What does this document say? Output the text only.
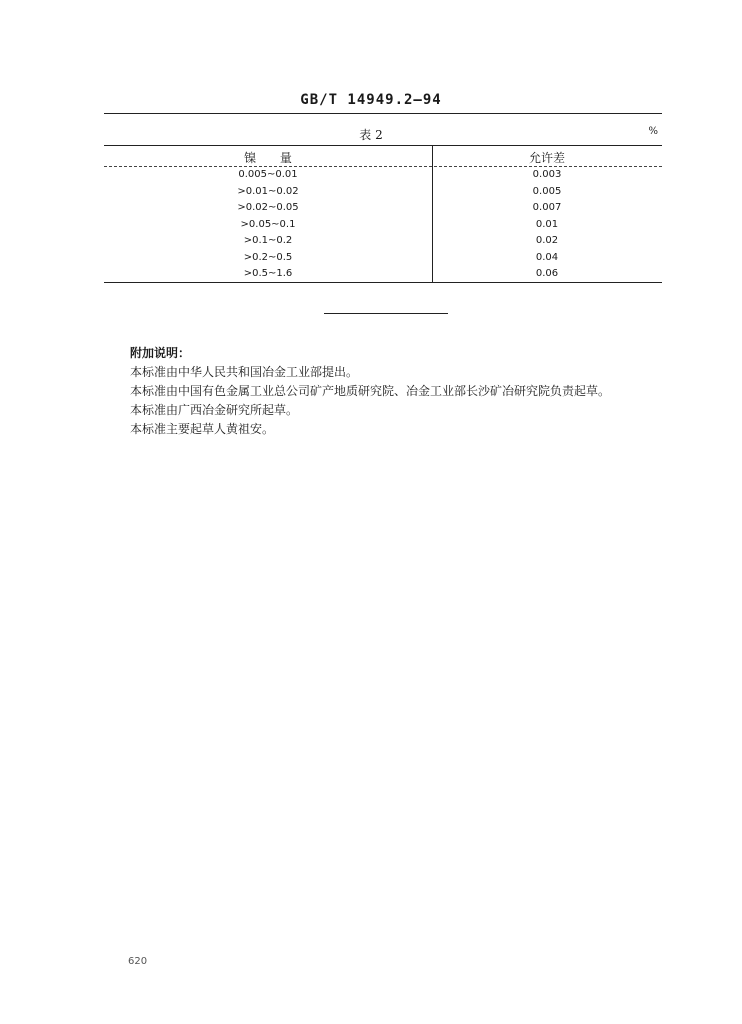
GB/T 14949.2—94
表 2	%
镍 量	允许差
0.005~0.01	0.003
>0.01~0.02	0.005
>0.02~0.05	0.007
>0.05~0.1	0.01
>0.1~0.2	0.02
>0.2~0.5	0.04
>0.5~1.6	0.06
附加说明：
本标准由中华人民共和国冶金工业部提出。
本标准由中国有色金属工业总公司矿产地质研究院、冶金工业部长沙矿冶研究院负责起草。
本标准由广西冶金研究所起草。
本标准主要起草人黄祖安。
620
